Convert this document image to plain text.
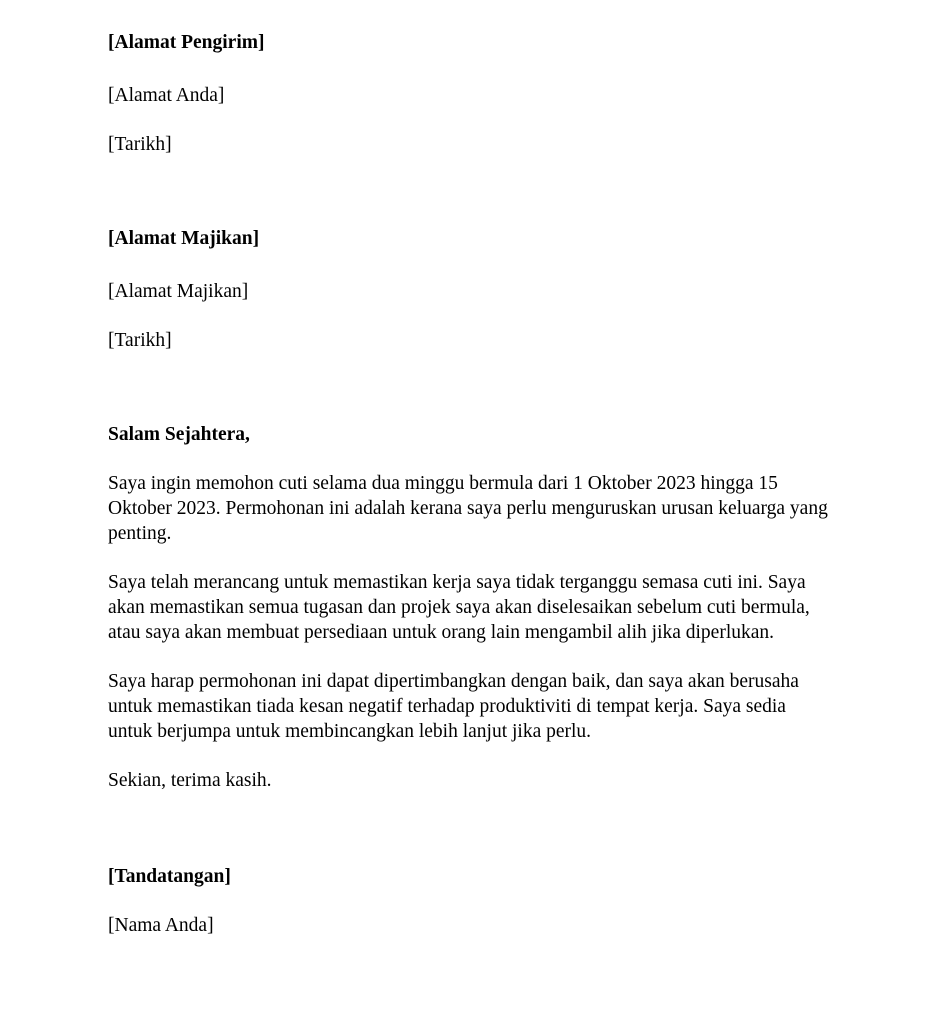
[Alamat Pengirim]

[Alamat Anda]

[Tarikh]

[Alamat Majikan]

[Alamat Majikan]

[Tarikh]

Salam Sejahtera,

Saya ingin memohon cuti selama dua minggu bermula dari 1 Oktober 2023 hingga 15 Oktober 2023. Permohonan ini adalah kerana saya perlu menguruskan urusan keluarga yang penting.

Saya telah merancang untuk memastikan kerja saya tidak terganggu semasa cuti ini. Saya akan memastikan semua tugasan dan projek saya akan diselesaikan sebelum cuti bermula, atau saya akan membuat persediaan untuk orang lain mengambil alih jika diperlukan.

Saya harap permohonan ini dapat dipertimbangkan dengan baik, dan saya akan berusaha untuk memastikan tiada kesan negatif terhadap produktiviti di tempat kerja. Saya sedia untuk berjumpa untuk membincangkan lebih lanjut jika perlu.

Sekian, terima kasih.

[Tandatangan]

[Nama Anda]
